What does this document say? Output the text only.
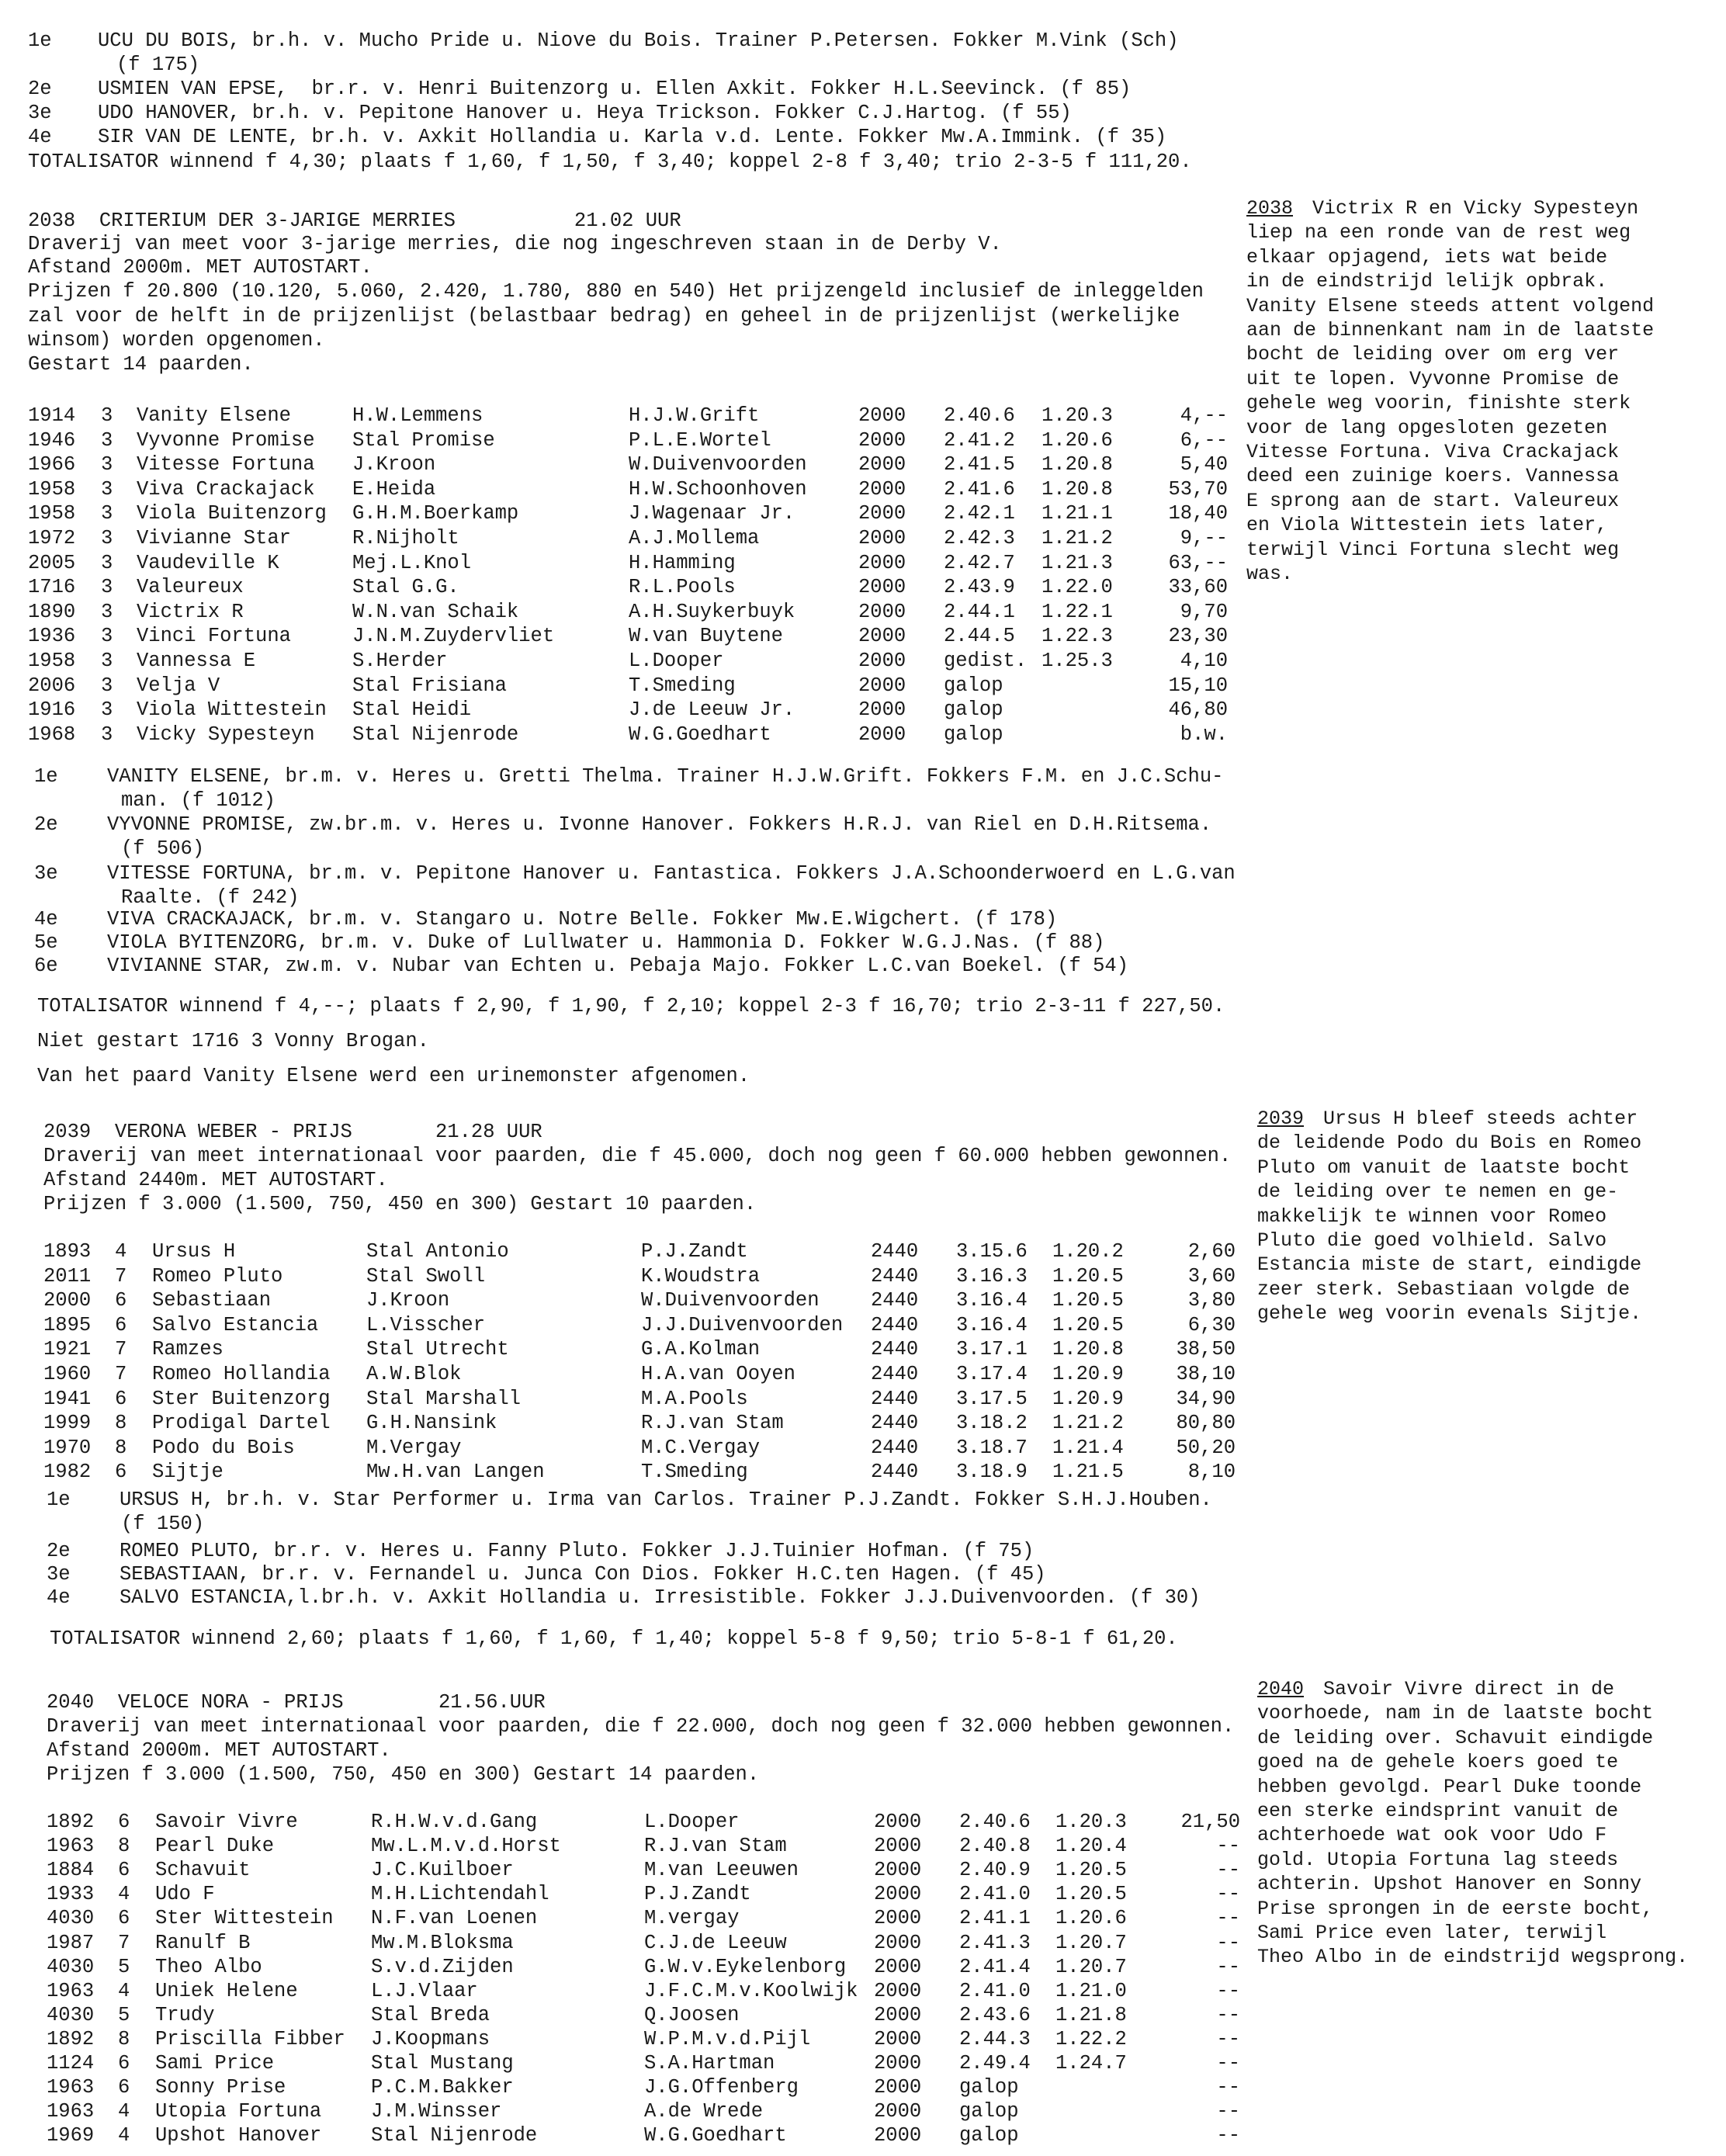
1e UCU DU BOIS, br.h. v. Mucho Pride u. Niove du Bois. Trainer P.Petersen. Fokker M.Vink (Sch)
(f 175)
2e USMIEN VAN EPSE,  br.r. v. Henri Buitenzorg u. Ellen Axkit. Fokker H.L.Seevinck. (f 85)
3e UDO HANOVER, br.h. v. Pepitone Hanover u. Heya Trickson. Fokker C.J.Hartog. (f 55)
4e SIR VAN DE LENTE, br.h. v. Axkit Hollandia u. Karla v.d. Lente. Fokker Mw.A.Immink. (f 35)
TOTALISATOR winnend f 4,30; plaats f 1,60, f 1,50, f 3,40; koppel 2-8 f 3,40; trio 2-3-5 f 111,20.
2038  CRITERIUM DER 3-JARIGE MERRIES          21.02 UUR
Draverij van meet voor 3-jarige merries, die nog ingeschreven staan in de Derby V.
Afstand 2000m. MET AUTOSTART.
Prijzen f 20.800 (10.120, 5.060, 2.420, 1.780, 880 en 540) Het prijzengeld inclusief de inleggelden
zal voor de helft in de prijzenlijst (belastbaar bedrag) en geheel in de prijzenlijst (werkelijke
winsom) worden opgenomen.
Gestart 14 paarden.
1914 3 Vanity Elsene	H.W.Lemmens	H.J.W.Grift	2000 2.40.6 1.20.3	4,--
1946 3 Vyvonne Promise Stal Promise	P.L.E.Wortel	2000 2.41.2 1.20.6	6,--
1966 3 Vitesse Fortuna J.Kroon	W.Duivenvoorden	2000 2.41.5 1.20.8	5,40
1958 3 Viva Crackajack E.Heida	H.W.Schoonhoven	2000 2.41.6 1.20.8	53,70
1958 3 Viola Buitenzorg G.H.M.Boerkamp	J.Wagenaar Jr.	2000 2.42.1 1.21.1	18,40
1972 3 Vivianne Star	R.Nijholt	A.J.Mollema	2000 2.42.3 1.21.2	9,--
2005 3 Vaudeville K	Mej.L.Knol	H.Hamming	2000 2.42.7 1.21.3	63,--
1716 3 Valeureux	Stal G.G.	R.L.Pools	2000 2.43.9 1.22.0	33,60
1890 3 Victrix R	W.N.van Schaik	A.H.Suykerbuyk	2000 2.44.1 1.22.1	9,70
1936 3 Vinci Fortuna	J.N.M.Zuydervliet	W.van Buytene	2000 2.44.5 1.22.3	23,30
1958 3 Vannessa E	S.Herder	L.Dooper	2000 gedist. 1.25.3	4,10
2006 3 Velja V	Stal Frisiana	T.Smeding	2000 galop	15,10
1916 3 Viola Wittestein Stal Heidi	J.de Leeuw Jr.	2000 galop	46,80
1968 3 Vicky Sypesteyn Stal Nijenrode	W.G.Goedhart	2000 galop	b.w.
1e VANITY ELSENE, br.m. v. Heres u. Gretti Thelma. Trainer H.J.W.Grift. Fokkers F.M. en J.C.Schu-
man. (f 1012)
2e VYVONNE PROMISE, zw.br.m. v. Heres u. Ivonne Hanover. Fokkers H.R.J. van Riel en D.H.Ritsema.
(f 506)
3e VITESSE FORTUNA, br.m. v. Pepitone Hanover u. Fantastica. Fokkers J.A.Schoonderwoerd en L.G.van
Raalte. (f 242)
4e VIVA CRACKAJACK, br.m. v. Stangaro u. Notre Belle. Fokker Mw.E.Wigchert. (f 178)
5e VIOLA BYITENZORG, br.m. v. Duke of Lullwater u. Hammonia D. Fokker W.G.J.Nas. (f 88)
6e VIVIANNE STAR, zw.m. v. Nubar van Echten u. Pebaja Majo. Fokker L.C.van Boekel. (f 54)
TOTALISATOR winnend f 4,--; plaats f 2,90, f 1,90, f 2,10; koppel 2-3 f 16,70; trio 2-3-11 f 227,50.
Niet gestart 1716 3 Vonny Brogan.
Van het paard Vanity Elsene werd een urinemonster afgenomen.
2038 Victrix R en Vicky Sypesteyn
liep na een ronde van de rest weg
elkaar opjagend, iets wat beide
in de eindstrijd lelijk opbrak.
Vanity Elsene steeds attent volgend
aan de binnenkant nam in de laatste
bocht de leiding over om erg ver
uit te lopen. Vyvonne Promise de
gehele weg voorin, finishte sterk
voor de lang opgesloten gezeten
Vitesse Fortuna. Viva Crackajack
deed een zuinige koers. Vannessa
E sprong aan de start. Valeureux
en Viola Wittestein iets later,
terwijl Vinci Fortuna slecht weg
was.
2039  VERONA WEBER - PRIJS       21.28 UUR
Draverij van meet internationaal voor paarden, die f 45.000, doch nog geen f 60.000 hebben gewonnen.
Afstand 2440m. MET AUTOSTART.
Prijzen f 3.000 (1.500, 750, 450 en 300) Gestart 10 paarden.
1893 4 Ursus H	Stal Antonio	P.J.Zandt	2440 3.15.6 1.20.2	2,60
2011 7 Romeo Pluto	Stal Swoll	K.Woudstra	2440 3.16.3 1.20.5	3,60
2000 6 Sebastiaan	J.Kroon	W.Duivenvoorden	2440 3.16.4 1.20.5	3,80
1895 6 Salvo Estancia L.Visscher	J.J.Duivenvoorden 2440 3.16.4 1.20.5	6,30
1921 7 Ramzes	Stal Utrecht	G.A.Kolman	2440 3.17.1 1.20.8	38,50
1960 7 Romeo Hollandia A.W.Blok	H.A.van Ooyen	2440 3.17.4 1.20.9	38,10
1941 6 Ster Buitenzorg Stal Marshall	M.A.Pools	2440 3.17.5 1.20.9	34,90
1999 8 Prodigal Dartel G.H.Nansink	R.J.van Stam	2440 3.18.2 1.21.2	80,80
1970 8 Podo du Bois	M.Vergay	M.C.Vergay	2440 3.18.7 1.21.4	50,20
1982 6 Sijtje	Mw.H.van Langen	T.Smeding	2440 3.18.9 1.21.5	8,10
1e URSUS H, br.h. v. Star Performer u. Irma van Carlos. Trainer P.J.Zandt. Fokker S.H.J.Houben.
(f 150)
2e ROMEO PLUTO, br.r. v. Heres u. Fanny Pluto. Fokker J.J.Tuinier Hofman. (f 75)
3e SEBASTIAAN, br.r. v. Fernandel u. Junca Con Dios. Fokker H.C.ten Hagen. (f 45)
4e SALVO ESTANCIA,l.br.h. v. Axkit Hollandia u. Irresistible. Fokker J.J.Duivenvoorden. (f 30)
TOTALISATOR winnend 2,60; plaats f 1,60, f 1,60, f 1,40; koppel 5-8 f 9,50; trio 5-8-1 f 61,20.
2039 Ursus H bleef steeds achter
de leidende Podo du Bois en Romeo
Pluto om vanuit de laatste bocht
de leiding over te nemen en ge-
makkelijk te winnen voor Romeo
Pluto die goed volhield. Salvo
Estancia miste de start, eindigde
zeer sterk. Sebastiaan volgde de
gehele weg voorin evenals Sijtje.
2040  VELOCE NORA - PRIJS        21.56.UUR
Draverij van meet internationaal voor paarden, die f 22.000, doch nog geen f 32.000 hebben gewonnen.
Afstand 2000m. MET AUTOSTART.
Prijzen f 3.000 (1.500, 750, 450 en 300) Gestart 14 paarden.
1892 6 Savoir Vivre	R.H.W.v.d.Gang	L.Dooper	2000 2.40.6 1.20.3	21,50
1963 8 Pearl Duke	Mw.L.M.v.d.Horst	R.J.van Stam	2000 2.40.8 1.20.4	--
1884 6 Schavuit	J.C.Kuilboer	M.van Leeuwen	2000 2.40.9 1.20.5	--
1933 4 Udo F	M.H.Lichtendahl	P.J.Zandt	2000 2.41.0 1.20.5	--
4030 6 Ster Wittestein N.F.van Loenen	M.vergay	2000 2.41.1 1.20.6	--
1987 7 Ranulf B	Mw.M.Bloksma	C.J.de Leeuw	2000 2.41.3 1.20.7	--
4030 5 Theo Albo	S.v.d.Zijden	G.W.v.Eykelenborg 2000 2.41.4 1.20.7	--
1963 4 Uniek Helene	L.J.Vlaar	J.F.C.M.v.Koolwijk 2000 2.41.0 1.21.0	--
4030 5 Trudy	Stal Breda	Q.Joosen	2000 2.43.6 1.21.8	--
1892 8 Priscilla Fibber J.Koopmans	W.P.M.v.d.Pijl	2000 2.44.3 1.22.2	--
1124 6 Sami Price	Stal Mustang	S.A.Hartman	2000 2.49.4 1.24.7	--
1963 6 Sonny Prise	P.C.M.Bakker	J.G.Offenberg	2000 galop	--
1963 4 Utopia Fortuna	J.M.Winsser	A.de Wrede	2000 galop	--
1969 4 Upshot Hanover	Stal Nijenrode	W.G.Goedhart	2000 galop	--
2040 Savoir Vivre direct in de
voorhoede, nam in de laatste bocht
de leiding over. Schavuit eindigde
goed na de gehele koers goed te
hebben gevolgd. Pearl Duke toonde
een sterke eindsprint vanuit de
achterhoede wat ook voor Udo F
gold. Utopia Fortuna lag steeds
achterin. Upshot Hanover en Sonny
Prise sprongen in de eerste bocht,
Sami Price even later, terwijl
Theo Albo in de eindstrijd wegsprong.
